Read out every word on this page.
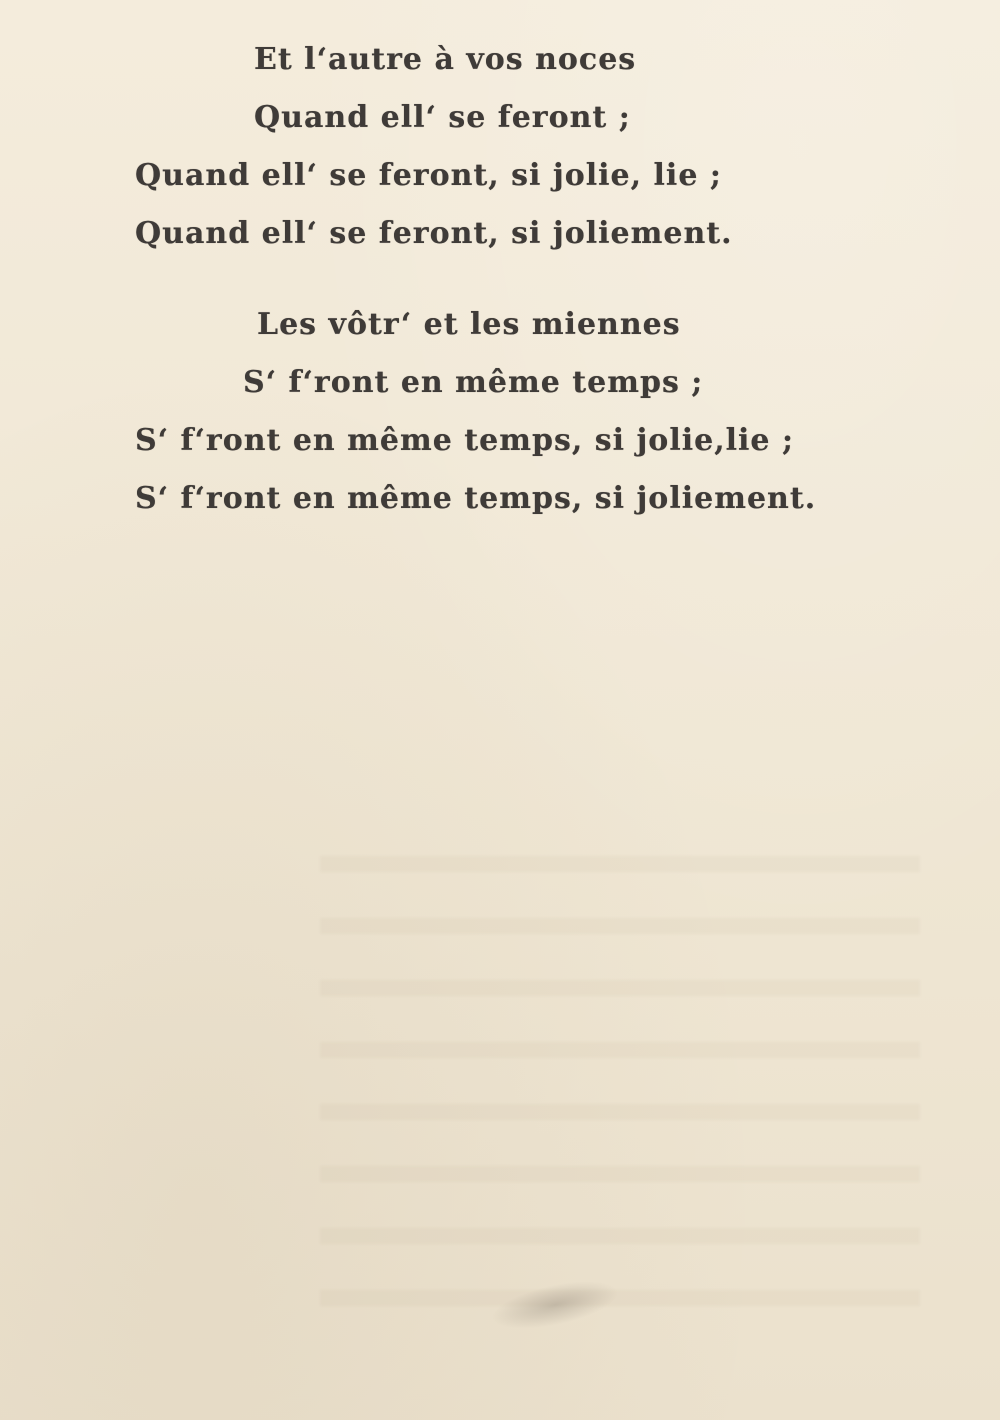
Et l‘autre à vos noces
Quand ell‘ se feront ;
Quand ell‘ se feront, si jolie, lie ;
Quand ell‘ se feront, si joliement.
Les vôtr‘ et les miennes
S‘ f‘ront en même temps ;
S‘ f‘ront en même temps, si jolie,lie ;
S‘ f‘ront en même temps, si joliement.
